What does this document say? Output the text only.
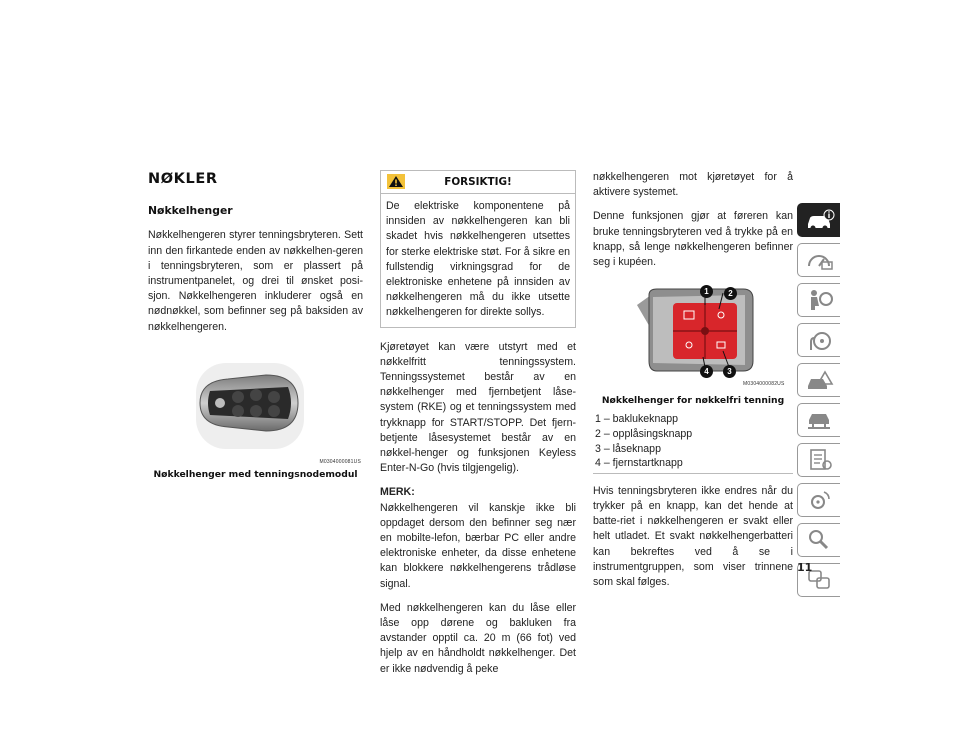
NØKLER
Nøkkelhenger

Nøkkelhengeren styrer tenningsbryteren. Sett inn den firkantede enden av nøkkelhen-geren i tenningsbryteren, som er plassert på instrumentpanelet, og drei til ønsket posi-sjon. Nøkkelhengeren inkluderer også en nødnøkkel, som befinner seg på baksiden av nøkkelhengeren.

M0304000081US
Nøkkelhenger med tenningsnodemodul
FORSIKTIG!
De elektriske komponentene på innsiden av nøkkelhengeren kan bli skadet hvis nøkkelhengeren utsettes for sterke elektriske støt. For å sikre en fullstendig virkningsgrad for de elektroniske enhetene på innsiden av nøkkelhengeren må du ikke utsette nøkkelhengeren for direkte sollys.

Kjøretøyet kan være utstyrt med et nøkkelfritt tenningssystem. Tenningssystemet består av en nøkkelhenger med fjernbetjent låse-system (RKE) og et tenningssystem med trykknapp for START/STOPP. Det fjern-betjente låsesystemet består av en nøkkel-henger og funksjonen Keyless Enter-N-Go (hvis tilgjengelig).

MERK:
Nøkkelhengeren vil kanskje ikke bli oppdaget dersom den befinner seg nær en mobilte-lefon, bærbar PC eller andre elektroniske enheter, da disse enhetene kan blokkere nøkkelhengerens trådløse signal.

Med nøkkelhengeren kan du låse eller låse opp dørene og bakluken fra avstander opptil ca. 20 m (66 fot) ved hjelp av en håndholdt nøkkelhenger. Det er ikke nødvendig å peke

nøkkelhengeren mot kjøretøyet for å aktivere systemet.

Denne funksjonen gjør at føreren kan bruke tenningsbryteren ved å trykke på en knapp, så lenge nøkkelhengeren befinner seg i kupéen.

1	2
4	3
M0304000082US
Nøkkelhenger for nøkkelfri tenning
1 – baklukeknapp
2 – opplåsingsknapp
3 – låseknapp
4 – fjernstartknapp

Hvis tenningsbryteren ikke endres når du trykker på en knapp, kan det hende at batte-riet i nøkkelhengeren er svakt eller helt utladet. Et svakt nøkkelhengerbatteri kan bekreftes ved å se i instrumentgruppen, som viser trinnene som skal følges.

11
